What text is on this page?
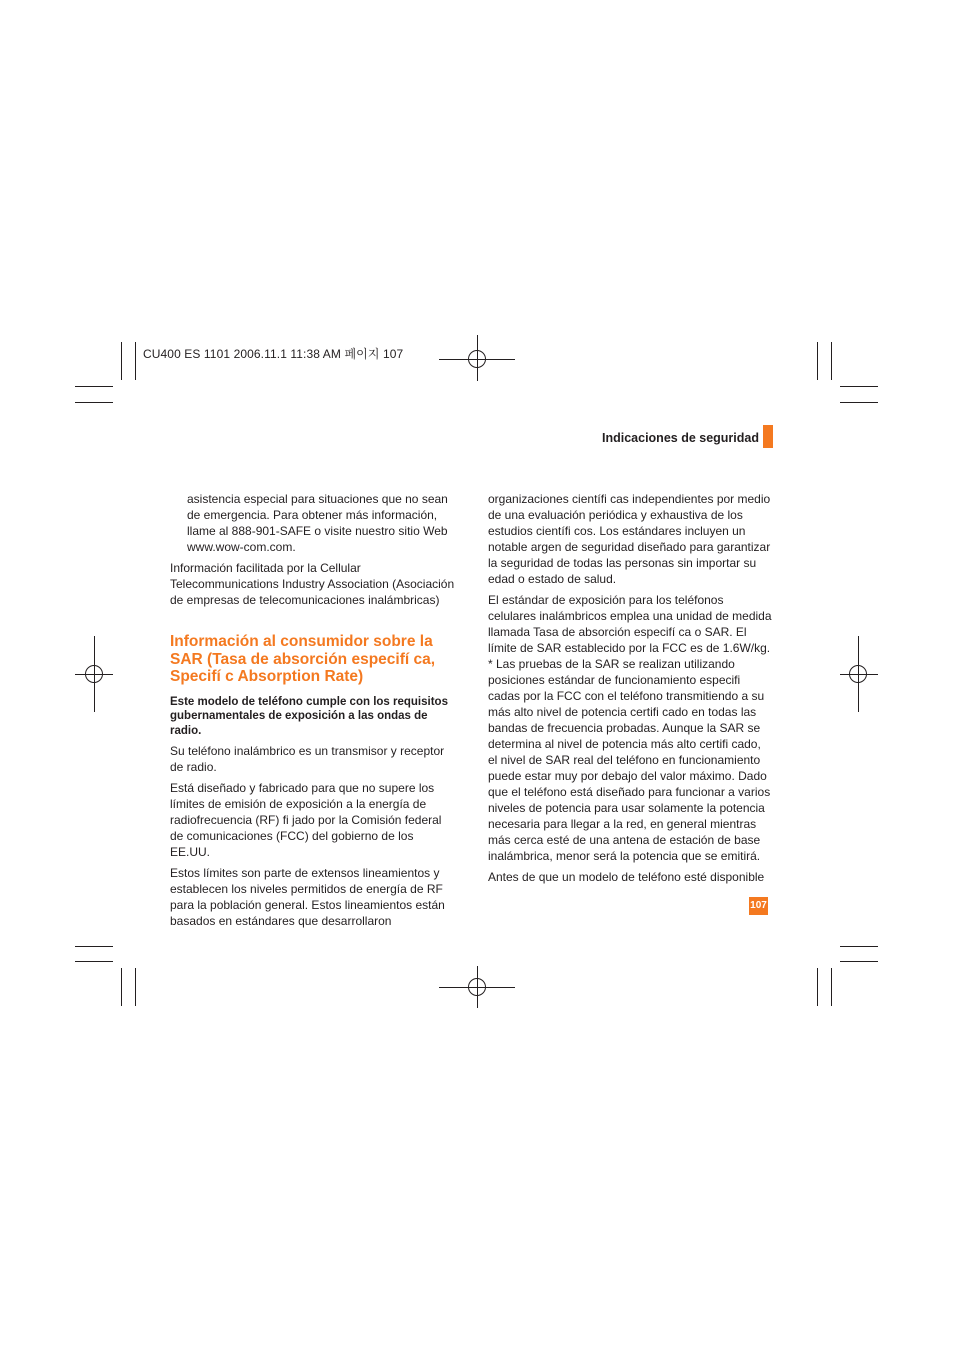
CU400 ES 1101 2006.11.1 11:38 AM 페이지 107
Indicaciones de seguridad

asistencia especial para situaciones que no sean de emergencia. Para obtener más información, llame al 888-901-SAFE o visite nuestro sitio Web www.wow-com.com.

Información facilitada por la Cellular Telecommunications Industry Association (Asociación de empresas de telecomunicaciones inalámbricas)

Información al consumidor sobre la SAR (Tasa de absorción especifí ca, Specifí c Absorption Rate)

Este modelo de teléfono cumple con los requisitos gubernamentales de exposición a las ondas de radio.

Su teléfono inalámbrico es un transmisor y receptor de radio.

Está diseñado y fabricado para que no supere los límites de emisión de exposición a la energía de radiofrecuencia (RF) fi jado por la Comisión federal de comunicaciones (FCC) del gobierno de los EE.UU.

Estos límites son parte de extensos lineamientos y establecen los niveles permitidos de energía de RF para la población general. Estos lineamientos están basados en estándares que desarrollaron

organizaciones científi cas independientes por medio de una evaluación periódica y exhaustiva de los estudios científi cos. Los estándares incluyen un notable argen de seguridad diseñado para garantizar la seguridad de todas las personas sin importar su edad o estado de salud.

El estándar de exposición para los teléfonos celulares inalámbricos emplea una unidad de medida llamada Tasa de absorción especifí ca o SAR. El límite de SAR establecido por la FCC es de 1.6W/kg. * Las pruebas de la SAR se realizan utilizando posiciones estándar de funcionamiento especifi cadas por la FCC con el teléfono transmitiendo a su más alto nivel de potencia certifi cado en todas las bandas de frecuencia probadas. Aunque la SAR se determina al nivel de potencia más alto certifi cado, el nivel de SAR real del teléfono en funcionamiento puede estar muy por debajo del valor máximo. Dado que el teléfono está diseñado para funcionar a varios niveles de potencia para usar solamente la potencia necesaria para llegar a la red, en general mientras más cerca esté de una antena de estación de base inalámbrica, menor será la potencia que se emitirá.

Antes de que un modelo de teléfono esté disponible

107
